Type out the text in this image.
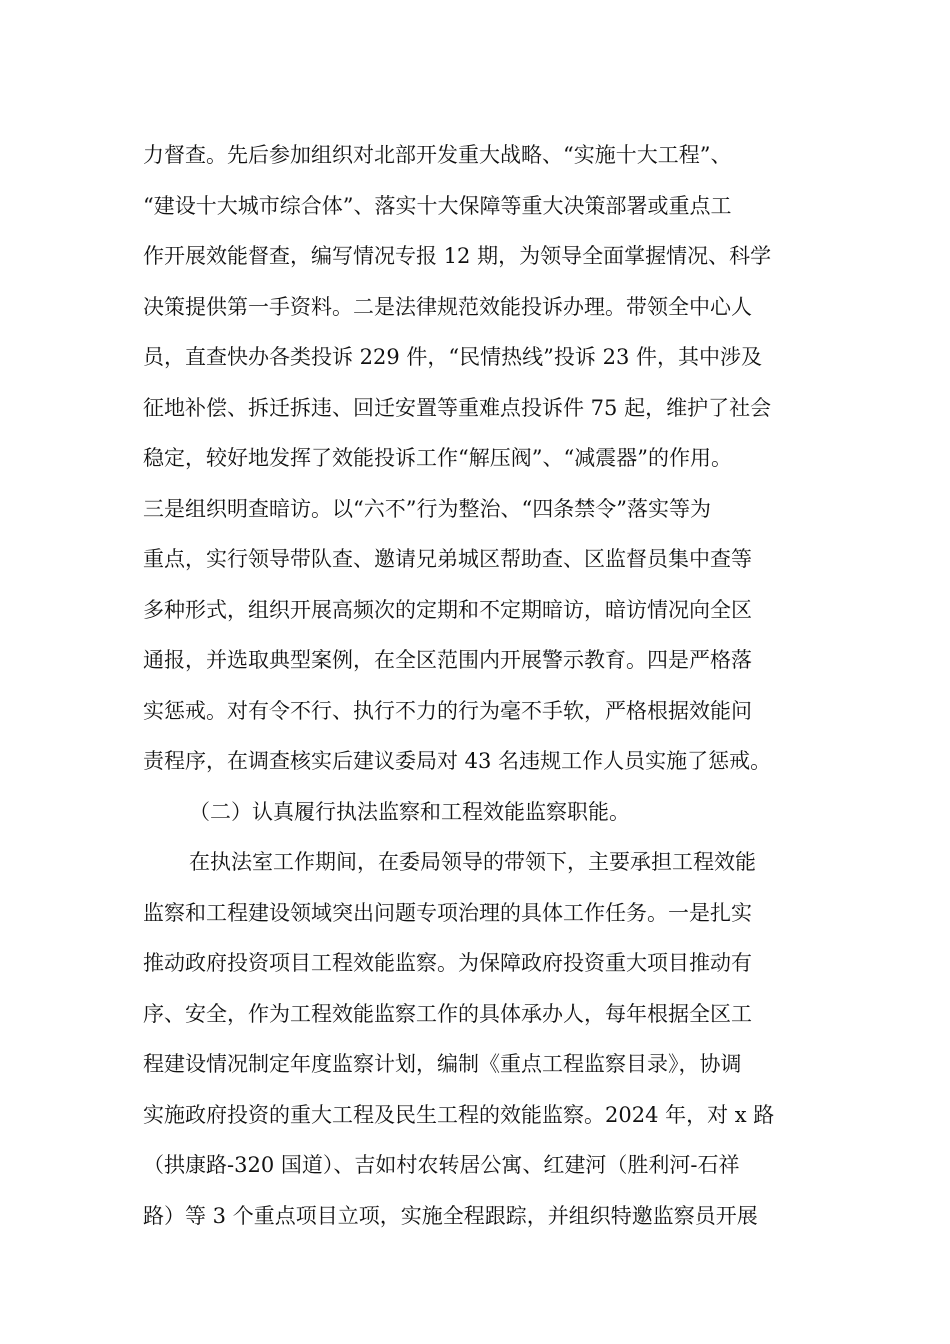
力督查。先后参加组织对北部开发重大战略、“实施十大工程”、
“建设十大城市综合体”、落实十大保障等重大决策部署或重点工
作开展效能督查，编写情况专报 12 期，为领导全面掌握情况、科学
决策提供第一手资料。二是法律规范效能投诉办理。带领全中心人
员，直查快办各类投诉 229 件，“民情热线”投诉 23 件，其中涉及
征地补偿、拆迁拆违、回迁安置等重难点投诉件 75 起，维护了社会
稳定，较好地发挥了效能投诉工作“解压阀”、“减震器”的作用。
三是组织明查暗访。以“六不”行为整治、“四条禁令”落实等为
重点，实行领导带队查、邀请兄弟城区帮助查、区监督员集中查等
多种形式，组织开展高频次的定期和不定期暗访，暗访情况向全区
通报，并选取典型案例，在全区范围内开展警示教育。四是严格落
实惩戒。对有令不行、执行不力的行为毫不手软，严格根据效能问
责程序，在调查核实后建议委局对 43 名违规工作人员实施了惩戒。
（二）认真履行执法监察和工程效能监察职能。
在执法室工作期间，在委局领导的带领下，主要承担工程效能
监察和工程建设领域突出问题专项治理的具体工作任务。一是扎实
推动政府投资项目工程效能监察。为保障政府投资重大项目推动有
序、安全，作为工程效能监察工作的具体承办人，每年根据全区工
程建设情况制定年度监察计划，编制《重点工程监察目录》，协调
实施政府投资的重大工程及民生工程的效能监察。2024 年，对 x 路
（拱康路-320 国道）、吉如村农转居公寓、红建河（胜利河-石祥
路）等 3 个重点项目立项，实施全程跟踪，并组织特邀监察员开展
